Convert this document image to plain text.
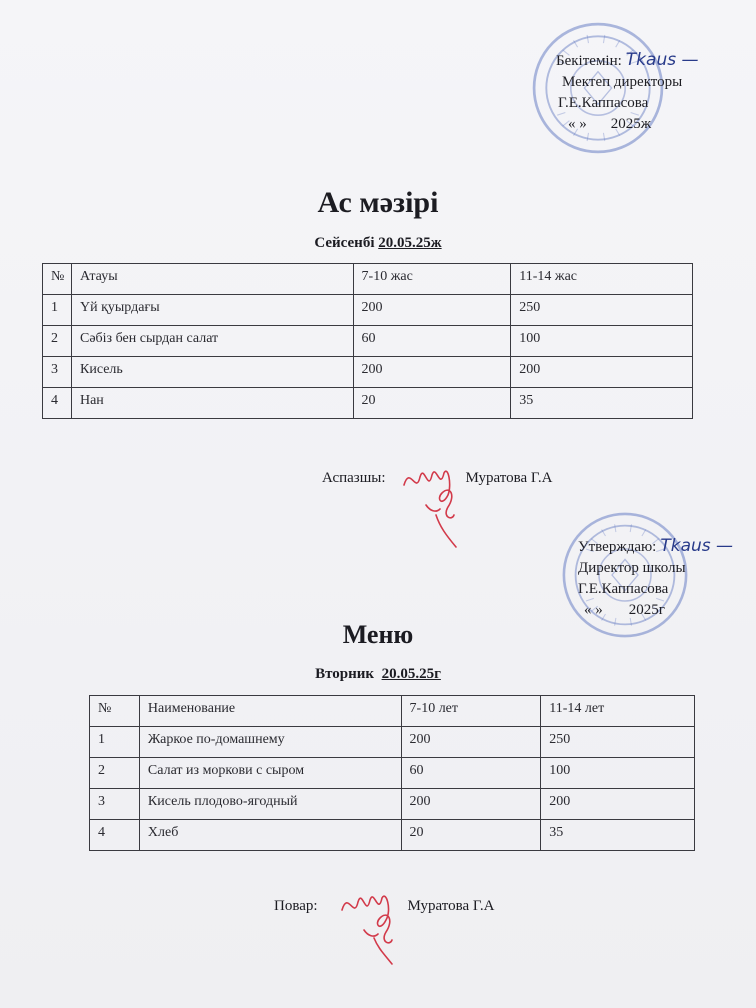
Бекітемін: Tkaus —
Мектеп директоры
Г.Е.Каппасова
« » 2025ж
Ас мәзірі
Сейсенбі 20.05.25ж
№	Атауы	7-10 жас	11-14 жас
1	Үй қуырдағы	200	250
2	Сәбіз бен сырдан салат	60	100
3	Кисель	200	200
4	Нан	20	35
Аспазшы:	Муратова Г.А
Утверждаю: Tkaus —
Директор школы
Г.Е.Каппасова
« » 2025г
Меню
Вторник 20.05.25г
№	Наименование	7-10 лет	11-14 лет
1	Жаркое по-домашнему	200	250
2	Салат из моркови с сыром	60	100
3	Кисель плодово-ягодный	200	200
4	Хлеб	20	35
Повар:	Муратова Г.А
